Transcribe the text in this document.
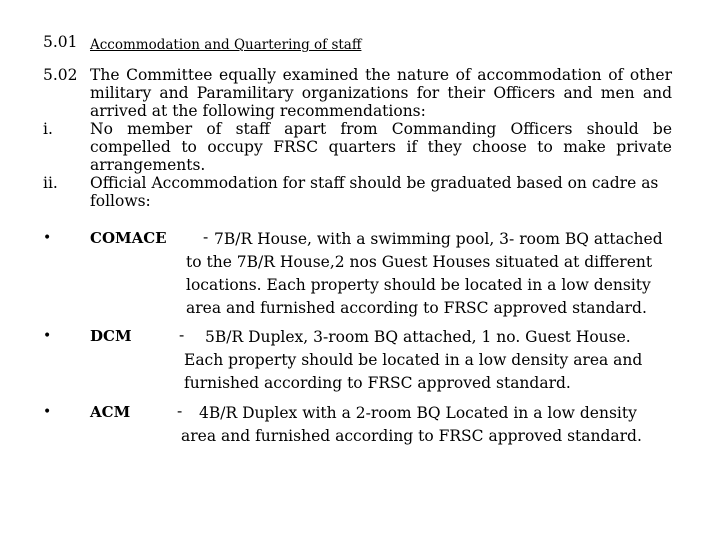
5.01 Accommodation and Quartering of staff
5.02 The Committee equally examined the nature of accommodation of other military and Paramilitary organizations for their Officers and men and arrived at the following recommendations:
i. No member of staff apart from Commanding Officers should be compelled to occupy FRSC quarters if they choose to make private arrangements.
ii. Official Accommodation for staff should be graduated based on cadre as follows:
•	COMACE - 7B/R House, with a swimming pool, 3- room BQ attached to the 7B/R House,2 nos Guest Houses situated at different locations. Each property should be located in a low density area and furnished according to FRSC approved standard.
•	DCM	-	5B/R Duplex, 3-room BQ attached, 1 no. Guest House. Each property should be located in a low density area and furnished according to FRSC approved standard.
•	ACM	-	4B/R Duplex with a 2-room BQ Located in a low density area and furnished according to FRSC approved standard.
